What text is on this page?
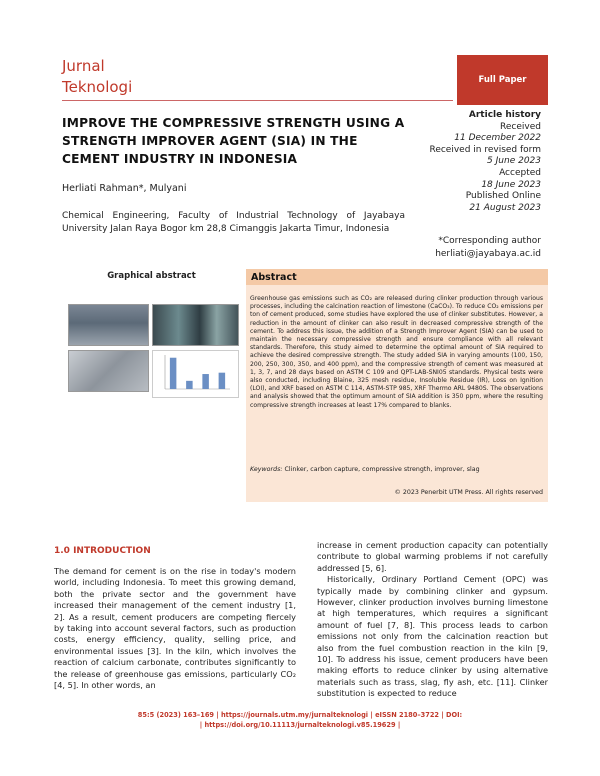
Jurnal
Teknologi	Full Paper
IMPROVE THE COMPRESSIVE STRENGTH USING A STRENGTH IMPROVER AGENT (SIA) IN THE CEMENT INDUSTRY IN INDONESIA
Herliati Rahman*, Mulyani
Chemical Engineering, Faculty of Industrial Technology of Jayabaya University Jalan Raya Bogor km 28,8 Cimanggis Jakarta Timur, Indonesia
Article history
Received
11 December 2022
Received in revised form
5 June 2023
Accepted
18 June 2023
Published Online
21 August 2023
*Corresponding author
herliati@jayabaya.ac.id
Graphical abstract	Abstract
Greenhouse gas emissions such as CO₂ are released during clinker production through various processes, including the calcination reaction of limestone (CaCO₃). To reduce CO₂ emissions per ton of cement produced, some studies have explored the use of clinker substitutes. However, a reduction in the amount of clinker can also result in decreased compressive strength of the cement. To address this issue, the addition of a Strength Improver Agent (SIA) can be used to maintain the necessary compressive strength and ensure compliance with all relevant standards. Therefore, this study aimed to determine the optimal amount of SIA required to achieve the desired compressive strength. The study added SIA in varying amounts (100, 150, 200, 250, 300, 350, and 400 ppm), and the compressive strength of cement was measured at 1, 3, 7, and 28 days based on ASTM C 109 and QPT-LAB-SNI05 standards. Physical tests were also conducted, including Blaine, 325 mesh residue, Insoluble Residue (IR), Loss on Ignition (LOI), and XRF based on ASTM C 114, ASTM-STP 985, XRF Thermo ARL 9480S. The observations and analysis showed that the optimum amount of SIA addition is 350 ppm, where the resulting compressive strength increases at least 17% compared to blanks.
Keywords: Clinker, carbon capture, compressive strength, improver, slag
© 2023 Penerbit UTM Press. All rights reserved
1.0 INTRODUCTION

The demand for cement is on the rise in today's modern world, including Indonesia. To meet this growing demand, both the private sector and the government have increased their management of the cement industry [1, 2]. As a result, cement producers are competing fiercely by taking into account several factors, such as production costs, energy efficiency, quality, selling price, and environmental issues [3]. In the kiln, which involves the reaction of calcium carbonate, contributes significantly to the release of greenhouse gas emissions, particularly CO₂ [4, 5]. In other words, an

increase in cement production capacity can potentially contribute to global warming problems if not carefully addressed [5, 6].

Historically, Ordinary Portland Cement (OPC) was typically made by combining clinker and gypsum. However, clinker production involves burning limestone at high temperatures, which requires a significant amount of fuel [7, 8]. This process leads to carbon emissions not only from the calcination reaction but also from the fuel combustion reaction in the kiln [9, 10]. To address his issue, cement producers have been making efforts to reduce clinker by using alternative materials such as trass, slag, fly ash, etc. [11]. Clinker substitution is expected to reduce

85:5 (2023) 163–169 | https://journals.utm.my/jurnalteknologi | eISSN 2180–3722 | DOI:
| https://doi.org/10.11113/jurnalteknologi.v85.19629 |
